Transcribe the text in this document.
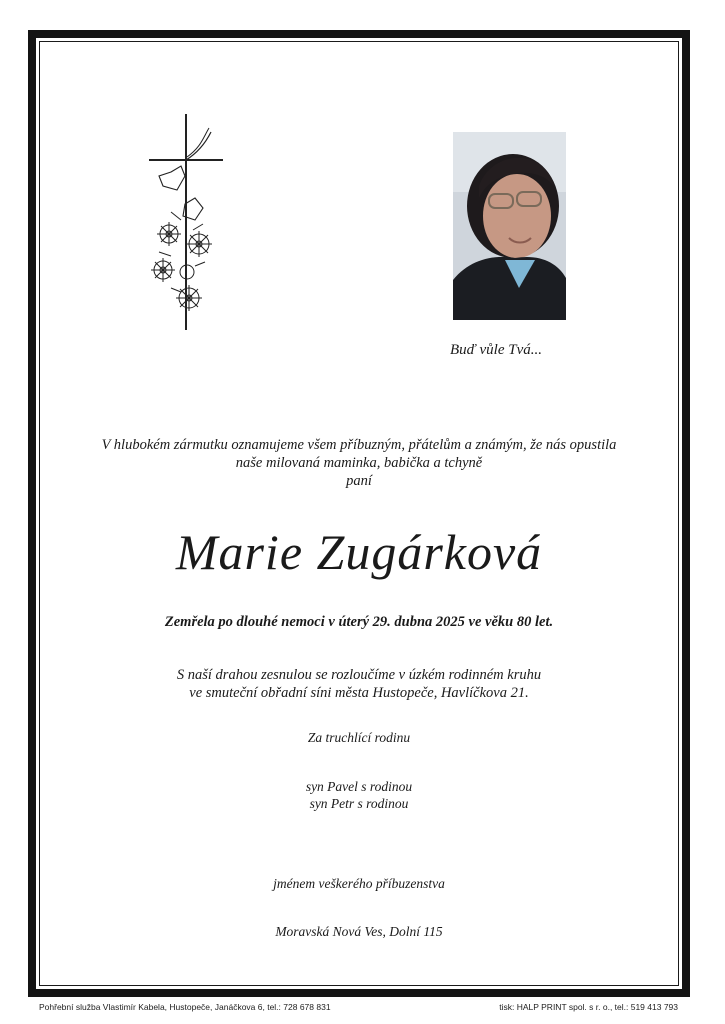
Buď vůle Tvá...
V hlubokém zármutku oznamujeme všem příbuzným, přátelům a známým, že nás opustila
naše milovaná maminka, babička a tchyně
paní
Marie Zugárková
Zemřela po dlouhé nemoci v úterý 29. dubna 2025 ve věku 80 let.
S naší drahou zesnulou se rozloučíme v úzkém rodinném kruhu
ve smuteční obřadní síni města Hustopeče, Havlíčkova 21.
Za truchlící rodinu
syn Pavel s rodinou
syn Petr s rodinou
jménem veškerého příbuzenstva
Moravská Nová Ves, Dolní 115
Pohřební služba Vlastimír Kabela, Hustopeče, Janáčkova 6, tel.: 728 678 831	tisk: HALP PRINT spol. s r. o., tel.: 519 413 793
